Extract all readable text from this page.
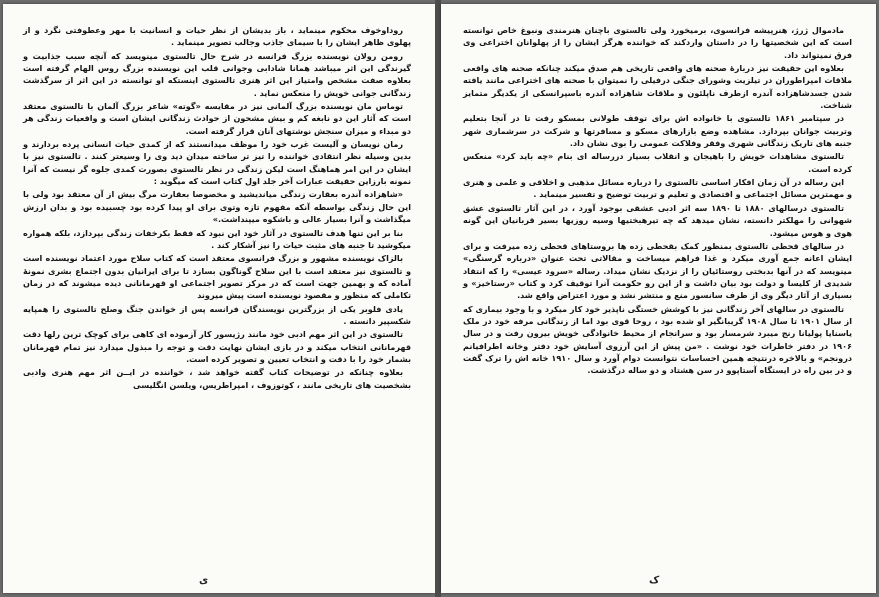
روداوخوف محکوم مینماید ، باز بدیشان از نظر حیات و انسانیت با مهر وعطوفتی نگرد و از پهلوی ظاهر ایشان را با سیمای جاذب وجالب تصویر مینماید .

رومن رولان نویسنده بزرگ فرانسه در شرح حال تالستوی مینویسد که آنچه سبب جذابیت و گیرندگی این اثر میباشد همانا شادابی وجوانی قلب این نویسنده بزرگ روس الهام گرفته است بعلاوه صفت مشخص وامتیاز این اثر هنری تالستوی اینستکه او توانسته در این اثر از سرگذشت زندگانی جوانی خویش را منعکس نماید .

توماس مان نویسنده بزرگ آلمانی نیز در مقایسه «گوته» شاعر بزرگ آلمان با تالستوی معتقد است که آثار این دو نابغه کم و بیش مشحون از حوادث زندگانی ایشان است و واقعیات زندگی هر دو مبداء و میزان سنجش نوشتهای آنان قرار گرفته است.

رمان نویسان و آلیست غرب خود را موظف میدانستند که از کمدی حیات انسانی پرده بردارند و بدین وسیله نظر انتقادی خواننده را تیز تر ساخته میدان دید وی را وسیعتر کنند . تالستوی نیز با ایشان در این امر هماهنگ است لیکن زندگی در نظر تالستوی بصورت کمدی جلوه گر نیست که آنرا نمونه بارزاین حقیقت عبارات آخر جلد اول کتاب است که میگوید :

«شاهزاده آندره بعقارت زندگی میاندیشید و مخصوصا بعقارت مرگ بیش از آن معتقد بود ولی با این حال زندگی بواسطه آنکه مفهوم تازه وتوی برای او پیدا کرده بود چسبیده بود و بدان ارزش میگذاشت و آنرا بسیار عالی و باشکوه میپنداشت.»

بنا بر این تنها هدف تالستوی در آثار خود این نبود که فقط بکرخفات زندگی بپردازد، بلکه همواره میکوشید تا جنبه های مثبت حیات را نیز آشکار کند .

بالزاک نویسنده مشهور و بزرگ فرانسوی معتقد است که کتاب سلاح مورد اعتماد نویسنده است و تالستوی نیز معتقد است با این سلاح گوناگون بسازد تا برای ایرانیان بدون اجتماع بشری نمونهٔ آماده که و بهمین جهت است که در مرکز تصویر اجتماعی او قهرمانانی دیده میشوند که در زمان تکاملی که منظور و مقصود نویسنده است پیش میروند

یادی فلوبر یکی از بزرگترین نویسندگان فرانسه پس از خواندن جنگ وصلح تالستوی را همپایه شکسپیر دانسته .

تالستوی در این اثر مهم ادبی خود مانند رژیسور کار آزموده ای کاهی برای کوچک ترین رلها دقت قهرمانانی انتخاب میکند و در بازی ایشان نهایت دقت و توجه را مبذول میدارد نیز تمام قهرمانان بشمار خود را با دقت و انتخاب تعیین و تصویر کرده است.

بعلاوه چنانکه در توضیحات کتاب گفته خواهد شد ، خواننده در ایــن اثر مهم هنری وادبی بشخصیت های تاریخی مانند ، کوتوزوف ، امپراطریس، ویلسن انگلیسی

ی

مادموال ژرژ، هنرپیشه فرانسوی، برمیخورد ولی تالستوی باچنان هنرمندی ونبوغ خاص توانسته است که این شخصیتها را در داستان واردکند که خواننده هرگز ایشان را از پهلوانان اختراعی وی فرق نمیتواند داد.

بعلاوه این حقیقت نیز دربارهٔ صحنه های واقعی تاریخی هم صدق میکند چنانکه صحنه های واقعی ملاقات امپراطوران در تیلزیت وشورای جنگی درفیلی را نمیتوان با صحنه های اختراعی مانند یافته شدن جسدشاهزاده آندره ازطرف ناپلئون و ملاقات شاهزاده آندره باسپرانسکی از یکدیگر متمایز شناخت.

در سپتامبر ۱۸۶۱ تالستوی با خانواده اش برای توقف طولانی بمسکو رفت تا در آنجا بتعلیم وتربیت جوانان بپردازد. مشاهده وضع بازارهای مسکو و مسافرتها و شرکت در سرشماری شهر جنبه های تاریک زندگانی شهری وفقر وفلاکت عمومی را بوی نشان داد.

تالستوی مشاهدات خویش را باهیجان و انقلاب بسیار دررساله ای بنام «چه باید کرد» منعکس کرده است.

این رساله در آن زمان افکار اساسی تالستوی را درباره مسائل مذهبی و اخلاقی و علمی و هنری و مهمترین مسائل اجتماعی و اقتصادی و تعلیم و تربیت توضیح و تفسیر مینماید .

تالستوی درسالهای ۱۸۸۰ تا ۱۸۹۰ سه اثر ادبی عشقی بوجود آورد ، در این آثار تالستوی عشق شهوانی را مهلکتر دانسته، نشان میدهد که چه تیرهبختیها وسیه روزیها بسیر قربانیان این گونه هوی و هوس میشود.

در سالهای قحطی تالستوی بمنظور کمک بقحطی زده ها بروستاهای قحطی زده میرفت و برای ایشان اعانه جمع آوری میکرد و غذا فراهم میساخت و مقالاتی تحت عنوان «درباره گرسنگی» مینویسد که در آنها بدبختی روستائیان را از نزدیک نشان میداد. رساله «سرود عیسی» را که انتقاد شدیدی از کلیسا و دولت بود بیان داشت و از این رو حکومت آنرا توقیف کرد و کتاب «رستاخیز» و بسیاری از آثار دیگر وی از طرف سانسور منع و منتشر نشد و مورد اعتراض واقع شد.

تالستوی در سالهای آخر زندگانی نیز با کوشش خستگی ناپذیر خود کار میکرد و با وجود بیماری که از سال ۱۹۰۱ تا سال ۱۹۰۸ گریبانگیر او شده بود ، روحا قوی بود اما از زندگانی مرفه خود در ملک یاسنایا پولیانا رنج میبرد شرمسار بود و سرانجام از محیط خانوادگی خویش بیرون رفت و در سال ۱۹۰۶ در دفتر خاطرات خود نوشت . «من پیش از این آرزوی آسایش خود دفتر وخانه اطرافیانم درونجم» و بالاخره درنتیجه همین احساسات نتوانست دوام آورد و سال ۱۹۱۰ خانه اش را ترک گفت و در بین راه در ایستگاه آستاپوو در سن هشتاد و دو ساله درگذشت.

ک
